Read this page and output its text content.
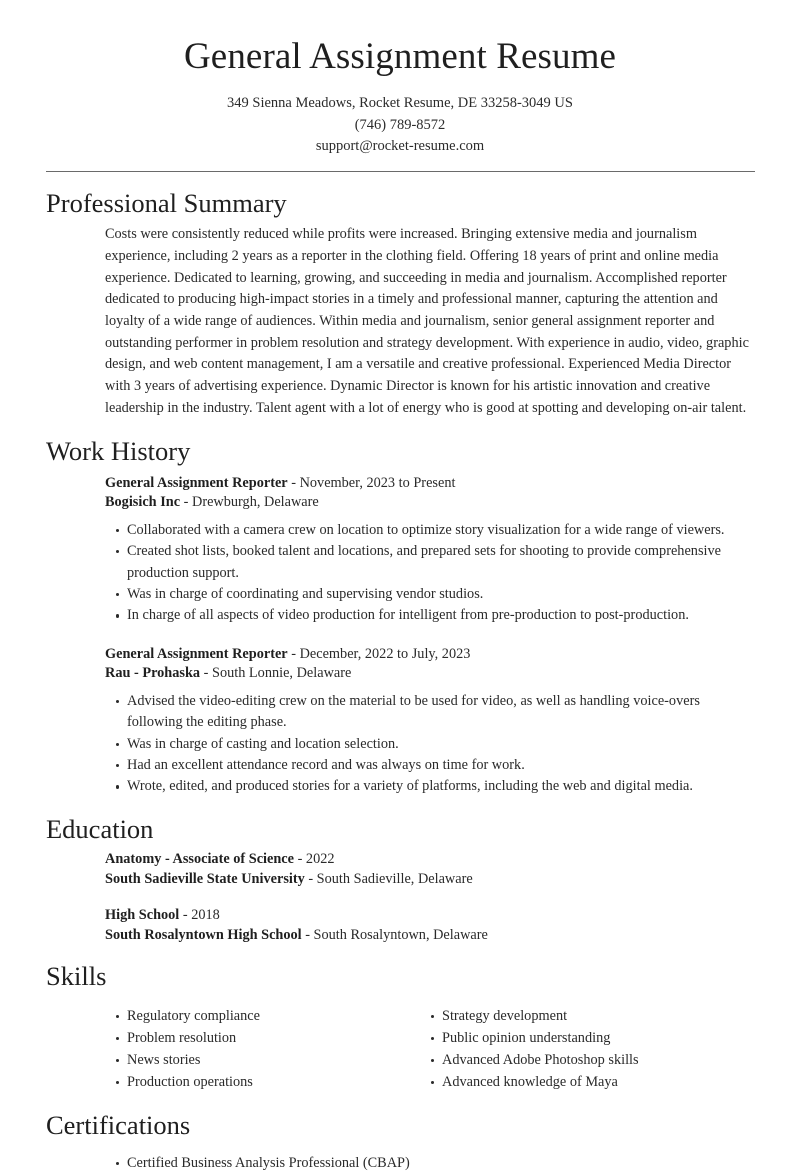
General Assignment Resume
349 Sienna Meadows, Rocket Resume, DE 33258-3049 US
(746) 789-8572
support@rocket-resume.com
Professional Summary

Costs were consistently reduced while profits were increased. Bringing extensive media and journalism experience, including 2 years as a reporter in the clothing field. Offering 18 years of print and online media experience. Dedicated to learning, growing, and succeeding in media and journalism. Accomplished reporter dedicated to producing high-impact stories in a timely and professional manner, capturing the attention and loyalty of a wide range of audiences. Within media and journalism, senior general assignment reporter and outstanding performer in problem resolution and strategy development. With experience in audio, video, graphic design, and web content management, I am a versatile and creative professional. Experienced Media Director with 3 years of advertising experience. Dynamic Director is known for his artistic innovation and creative leadership in the industry. Talent agent with a lot of energy who is good at spotting and developing on-air talent.

Work History
General Assignment Reporter - November, 2023 to Present
Bogisich Inc - Drewburgh, Delaware
Collaborated with a camera crew on location to optimize story visualization for a wide range of viewers.
Created shot lists, booked talent and locations, and prepared sets for shooting to provide comprehensive production support.
Was in charge of coordinating and supervising vendor studios.
In charge of all aspects of video production for intelligent from pre-production to post-production.
General Assignment Reporter - December, 2022 to July, 2023
Rau - Prohaska - South Lonnie, Delaware
Advised the video-editing crew on the material to be used for video, as well as handling voice-overs following the editing phase.
Was in charge of casting and location selection.
Had an excellent attendance record and was always on time for work.
Wrote, edited, and produced stories for a variety of platforms, including the web and digital media.
Education
Anatomy - Associate of Science - 2022
South Sadieville State University - South Sadieville, Delaware
High School - 2018
South Rosalyntown High School - South Rosalyntown, Delaware
Skills
Regulatory compliance
Problem resolution
News stories
Production operations
Strategy development
Public opinion understanding
Advanced Adobe Photoshop skills
Advanced knowledge of Maya
Certifications
Certified Business Analysis Professional (CBAP)
